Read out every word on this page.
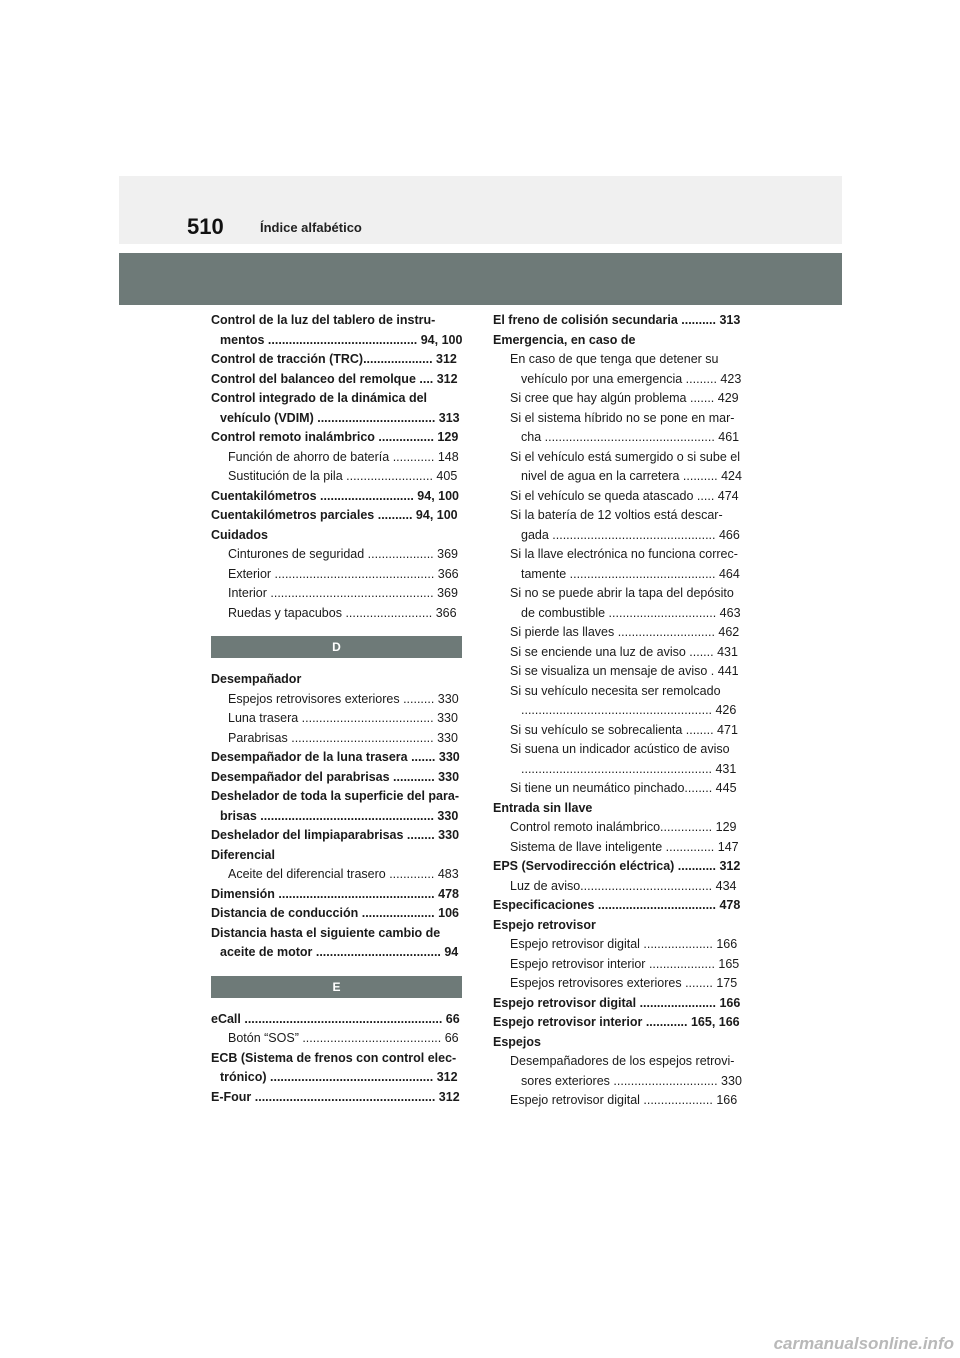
510	Índice alfabético
Control de la luz del tablero de instru-
mentos ........................................... 94, 100
Control de tracción (TRC).................... 312
Control del balanceo del remolque .... 312
Control integrado de la dinámica del
vehículo (VDIM) .................................. 313
Control remoto inalámbrico ................ 129
Función de ahorro de batería ............ 148
Sustitución de la pila ......................... 405
Cuentakilómetros ........................... 94, 100
Cuentakilómetros parciales .......... 94, 100
Cuidados
Cinturones de seguridad ................... 369
Exterior .............................................. 366
Interior ............................................... 369
Ruedas y tapacubos ......................... 366
D
Desempañador
Espejos retrovisores exteriores ......... 330
Luna trasera ...................................... 330
Parabrisas ......................................... 330
Desempañador de la luna trasera ....... 330
Desempañador del parabrisas ............ 330
Deshelador de toda la superficie del para-
brisas .................................................. 330
Deshelador del limpiaparabrisas ........ 330
Diferencial
Aceite del diferencial trasero ............. 483
Dimensión ............................................. 478
Distancia de conducción ..................... 106
Distancia hasta el siguiente cambio de
aceite de motor .................................... 94
E
eCall ......................................................... 66
Botón “SOS” ........................................ 66
ECB (Sistema de frenos con control elec-
trónico) ............................................... 312
E-Four .................................................... 312
El freno de colisión secundaria .......... 313
Emergencia, en caso de
En caso de que tenga que detener su
vehículo por una emergencia ......... 423
Si cree que hay algún problema ....... 429
Si el sistema híbrido no se pone en mar-
cha ................................................. 461
Si el vehículo está sumergido o si sube el
nivel de agua en la carretera .......... 424
Si el vehículo se queda atascado ..... 474
Si la batería de 12 voltios está descar-
gada ............................................... 466
Si la llave electrónica no funciona correc-
tamente .......................................... 464
Si no se puede abrir la tapa del depósito
de combustible ............................... 463
Si pierde las llaves ............................ 462
Si se enciende una luz de aviso ....... 431
Si se visualiza un mensaje de aviso . 441
Si su vehículo necesita ser remolcado
....................................................... 426
Si su vehículo se sobrecalienta ........ 471
Si suena un indicador acústico de aviso
....................................................... 431
Si tiene un neumático pinchado........ 445
Entrada sin llave
Control remoto inalámbrico............... 129
Sistema de llave inteligente .............. 147
EPS (Servodirección eléctrica) ........... 312
Luz de aviso...................................... 434
Especificaciones .................................. 478
Espejo retrovisor
Espejo retrovisor digital .................... 166
Espejo retrovisor interior ................... 165
Espejos retrovisores exteriores ........ 175
Espejo retrovisor digital ...................... 166
Espejo retrovisor interior ............ 165, 166
Espejos
Desempañadores de los espejos retrovi-
sores exteriores .............................. 330
Espejo retrovisor digital .................... 166
carmanualsonline.info
